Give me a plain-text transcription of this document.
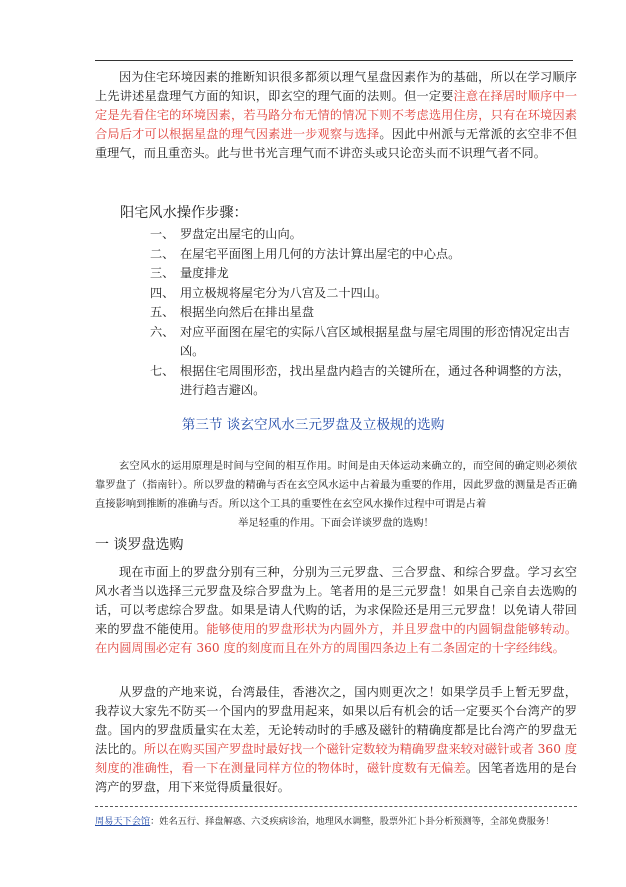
因为住宅环境因素的推断知识很多都须以理气星盘因素作为的基础，所以在学习顺序上先讲述星盘理气方面的知识，即玄空的理气面的法则。但一定要注意在择居时顺序中一定是先看住宅的环境因素，若马路分布无情的情况下则不考虑选用住房，只有在环境因素合局后才可以根据星盘的理气因素进一步观察与选择。因此中州派与无常派的玄空非不但重理气，而且重峦头。此与世书光言理气而不讲峦头或只论峦头而不识理气者不同。

阳宅风水操作步骤：
一、 罗盘定出屋宅的山向。
二、 在屋宅平面图上用几何的方法计算出屋宅的中心点。
三、 量度排龙
四、 用立极规将屋宅分为八宫及二十四山。
五、 根据坐向然后在排出星盘
六、 对应平面图在屋宅的实际八宫区域根据星盘与屋宅周围的形峦情况定出吉凶。
七、 根据住宅周围形峦，找出星盘内趋吉的关键所在，通过各种调整的方法，进行趋吉避凶。
第三节 谈玄空风水三元罗盘及立极规的选购
玄空风水的运用原理是时间与空间的相互作用。时间是由天体运动来确立的，而空间的确定则必须依靠罗盘了（指南针）。所以罗盘的精确与否在玄空风水运中占着最为重要的作用，因此罗盘的测量是否正确直接影响到推断的准确与否。所以这个工具的重要性在玄空风水操作过程中可谓是占着
举足轻重的作用。下面会详谈罗盘的选购！
一 谈罗盘选购

现在市面上的罗盘分别有三种，分别为三元罗盘、三合罗盘、和综合罗盘。学习玄空风水者当以选择三元罗盘及综合罗盘为上。笔者用的是三元罗盘！如果自己亲自去选购的话，可以考虑综合罗盘。如果是请人代购的话，为求保险还是用三元罗盘！以免请人带回来的罗盘不能使用。能够使用的罗盘形状为内圆外方，并且罗盘中的内圆铜盘能够转动。在内圆周围必定有 360 度的刻度而且在外方的周围四条边上有二条固定的十字经纬线。

从罗盘的产地来说，台湾最佳，香港次之，国内则更次之！如果学员手上暂无罗盘，我荐议大家先不防买一个国内的罗盘用起来，如果以后有机会的话一定要买个台湾产的罗盘。国内的罗盘质量实在太差，无论转动时的手感及磁针的精确度都是比台湾产的罗盘无法比的。所以在购买国产罗盘时最好找一个磁针定数较为精确罗盘来较对磁针或者 360 度刻度的准确性，看一下在测量同样方位的物体时，磁针度数有无偏差。因笔者选用的是台湾产的罗盘，用下来觉得质量很好。

周易天下会馆：姓名五行、择盘解惑、六爻疾病诊治，地理风水调整，股票外汇卜卦分析预测等，全部免费服务！
